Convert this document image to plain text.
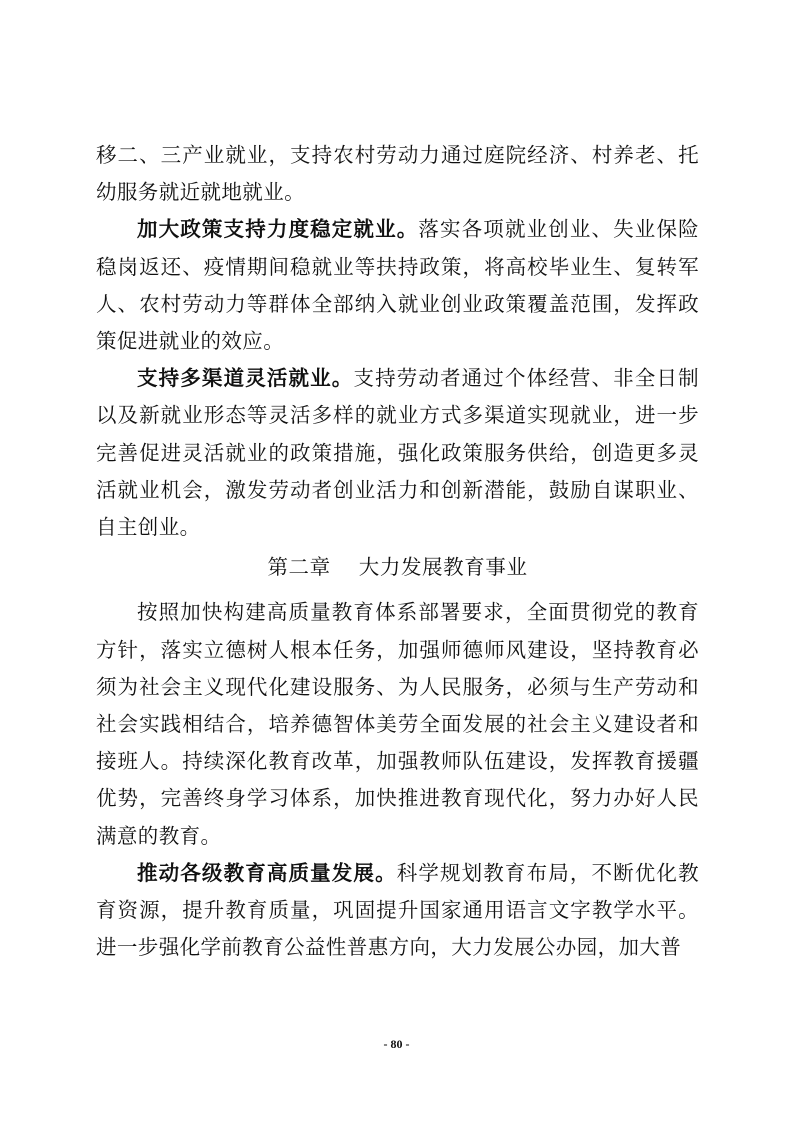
移二、三产业就业，支持农村劳动力通过庭院经济、村养老、托幼服务就近就地就业。

加大政策支持力度稳定就业。落实各项就业创业、失业保险稳岗返还、疫情期间稳就业等扶持政策，将高校毕业生、复转军人、农村劳动力等群体全部纳入就业创业政策覆盖范围，发挥政策促进就业的效应。

支持多渠道灵活就业。支持劳动者通过个体经营、非全日制以及新就业形态等灵活多样的就业方式多渠道实现就业，进一步完善促进灵活就业的政策措施，强化政策服务供给，创造更多灵活就业机会，激发劳动者创业活力和创新潜能，鼓励自谋职业、自主创业。

第二章 大力发展教育事业

按照加快构建高质量教育体系部署要求，全面贯彻党的教育方针，落实立德树人根本任务，加强师德师风建设，坚持教育必须为社会主义现代化建设服务、为人民服务，必须与生产劳动和社会实践相结合，培养德智体美劳全面发展的社会主义建设者和接班人。持续深化教育改革，加强教师队伍建设，发挥教育援疆优势，完善终身学习体系，加快推进教育现代化，努力办好人民满意的教育。

推动各级教育高质量发展。科学规划教育布局，不断优化教育资源，提升教育质量，巩固提升国家通用语言文字教学水平。进一步强化学前教育公益性普惠方向，大力发展公办园，加大普

- 80 -
